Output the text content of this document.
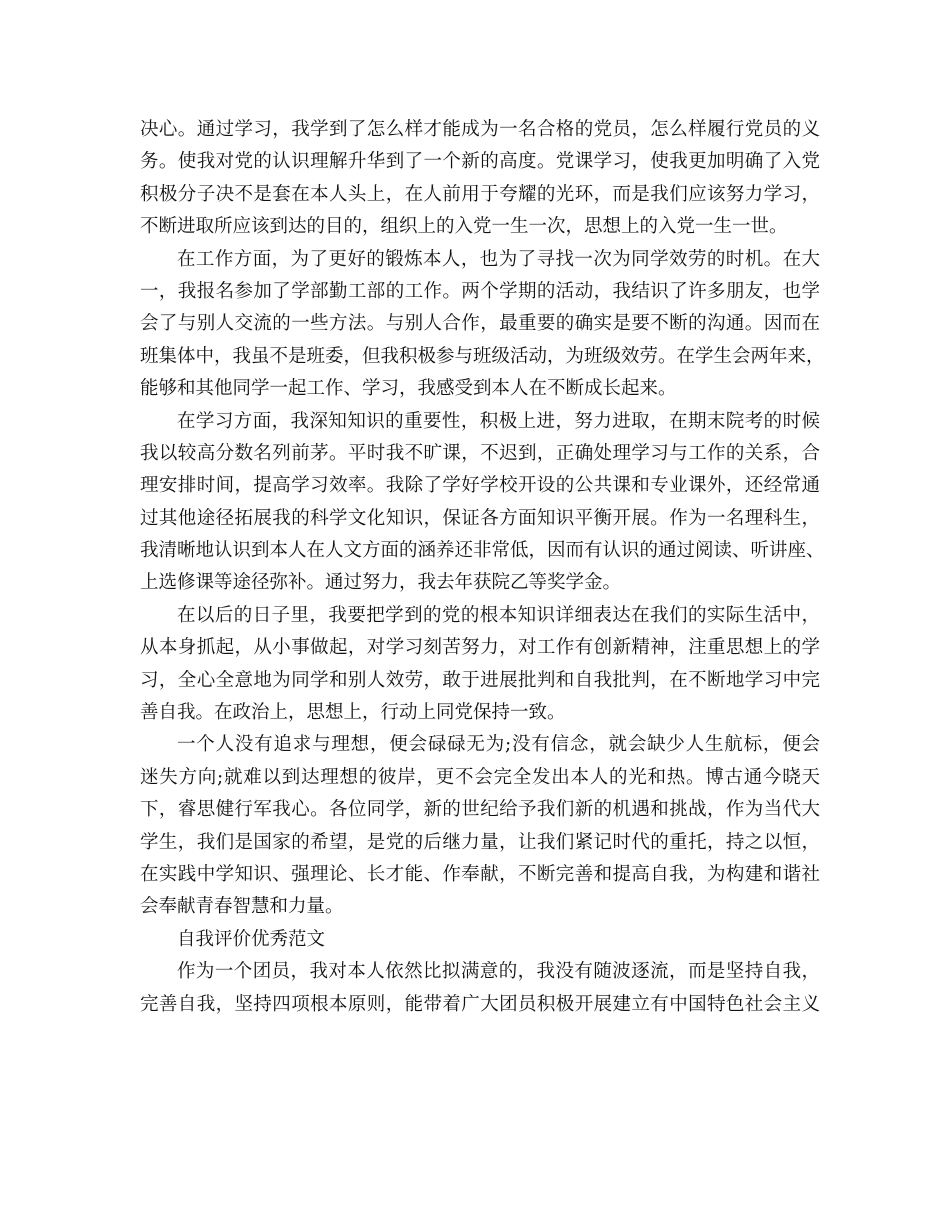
决心。通过学习，我学到了怎么样才能成为一名合格的党员，怎么样履行党员的义
务。使我对党的认识理解升华到了一个新的高度。党课学习，使我更加明确了入党
积极分子决不是套在本人头上，在人前用于夸耀的光环，而是我们应该努力学习，
不断进取所应该到达的目的，组织上的入党一生一次，思想上的入党一生一世。
在工作方面，为了更好的锻炼本人，也为了寻找一次为同学效劳的时机。在大
一，我报名参加了学部勤工部的工作。两个学期的活动，我结识了许多朋友，也学
会了与别人交流的一些方法。与别人合作，最重要的确实是要不断的沟通。因而在
班集体中，我虽不是班委，但我积极参与班级活动，为班级效劳。在学生会两年来，
能够和其他同学一起工作、学习，我感受到本人在不断成长起来。
在学习方面，我深知知识的重要性，积极上进，努力进取，在期末院考的时候
我以较高分数名列前茅。平时我不旷课，不迟到，正确处理学习与工作的关系，合
理安排时间，提高学习效率。我除了学好学校开设的公共课和专业课外，还经常通
过其他途径拓展我的科学文化知识，保证各方面知识平衡开展。作为一名理科生，
我清晰地认识到本人在人文方面的涵养还非常低，因而有认识的通过阅读、听讲座、
上选修课等途径弥补。通过努力，我去年获院乙等奖学金。
在以后的日子里，我要把学到的党的根本知识详细表达在我们的实际生活中，
从本身抓起，从小事做起，对学习刻苦努力，对工作有创新精神，注重思想上的学
习，全心全意地为同学和别人效劳，敢于进展批判和自我批判，在不断地学习中完
善自我。在政治上，思想上，行动上同党保持一致。
一个人没有追求与理想，便会碌碌无为;没有信念，就会缺少人生航标，便会
迷失方向;就难以到达理想的彼岸，更不会完全发出本人的光和热。博古通今晓天
下，睿思健行军我心。各位同学，新的世纪给予我们新的机遇和挑战，作为当代大
学生，我们是国家的希望，是党的后继力量，让我们紧记时代的重托，持之以恒，
在实践中学知识、强理论、长才能、作奉献，不断完善和提高自我，为构建和谐社
会奉献青春智慧和力量。
自我评价优秀范文
作为一个团员，我对本人依然比拟满意的，我没有随波逐流，而是坚持自我，
完善自我，坚持四项根本原则，能带着广大团员积极开展建立有中国特色社会主义
